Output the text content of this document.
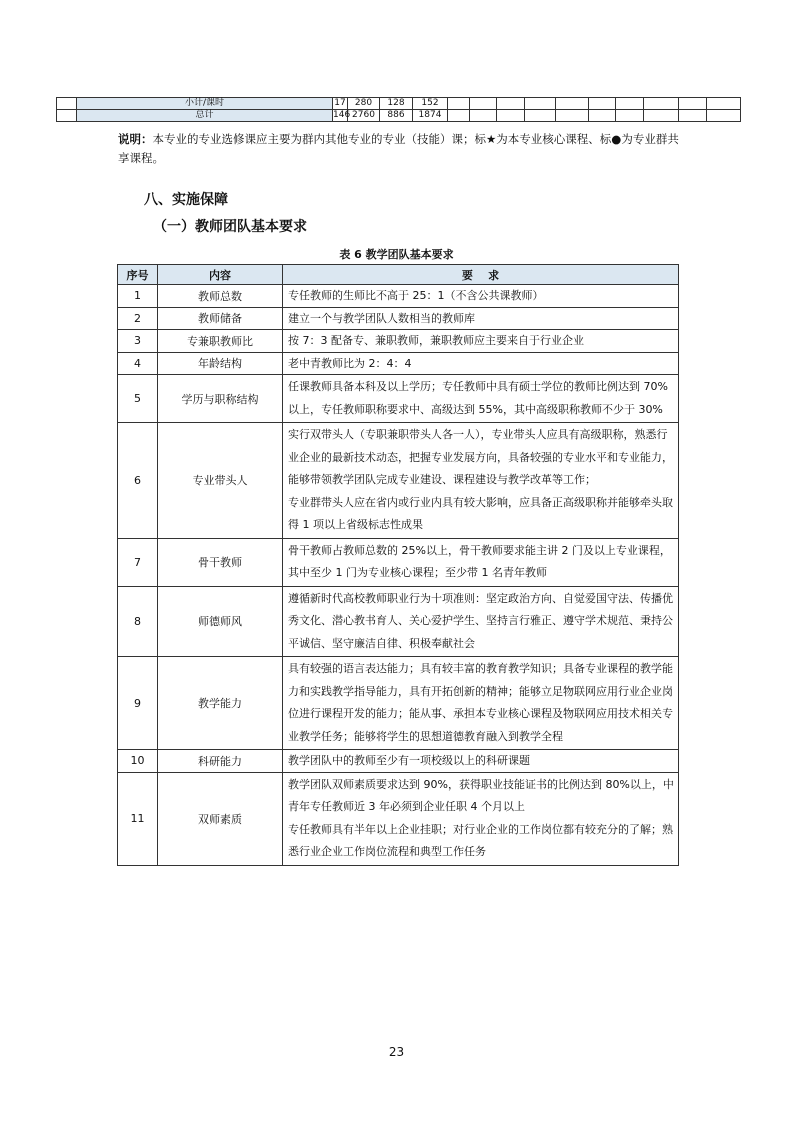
	小计/课时	17	280	128	152											
	总计	146	2760	886	1874											
说明：本专业的专业选修课应主要为群内其他专业的专业（技能）课；标★为本专业核心课程、标●为专业群共享课程。
八、实施保障
（一）教师团队基本要求
表 6 教学团队基本要求
序号	内容	要    求
1	教师总数	专任教师的生师比不高于 25：1（不含公共课教师）

2	教师储备	建立一个与教学团队人数相当的教师库

3	专兼职教师比	按 7：3 配备专、兼职教师，兼职教师应主要来自于行业企业

4	年龄结构	老中青教师比为 2：4：4

5	学历与职称结构	任课教师具备本科及以上学历；专任教师中具有硕士学位的教师比例达到 70%以上，专任教师职称要求中、高级达到 55%，其中高级职称教师不少于 30%

6	专业带头人	实行双带头人（专职兼职带头人各一人），专业带头人应具有高级职称，熟悉行业企业的最新技术动态，把握专业发展方向，具备较强的专业水平和专业能力，能够带领教学团队完成专业建设、课程建设与教学改革等工作；
专业群带头人应在省内或行业内具有较大影响，应具备正高级职称并能够牵头取得 1 项以上省级标志性成果

7	骨干教师	骨干教师占教师总数的 25%以上，骨干教师要求能主讲 2 门及以上专业课程，其中至少 1 门为专业核心课程；至少带 1 名青年教师

8	师德师风	遵循新时代高校教师职业行为十项准则：坚定政治方向、自觉爱国守法、传播优秀文化、潜心教书育人、关心爱护学生、坚持言行雅正、遵守学术规范、秉持公平诚信、坚守廉洁自律、积极奉献社会

9	教学能力	具有较强的语言表达能力；具有较丰富的教育教学知识；具备专业课程的教学能力和实践教学指导能力，具有开拓创新的精神；能够立足物联网应用行业企业岗位进行课程开发的能力；能从事、承担本专业核心课程及物联网应用技术相关专业教学任务；能够将学生的思想道德教育融入到教学全程

10	科研能力	教学团队中的教师至少有一项校级以上的科研课题

11	双师素质	教学团队双师素质要求达到 90%，获得职业技能证书的比例达到 80%以上，中青年专任教师近 3 年必须到企业任职 4 个月以上
专任教师具有半年以上企业挂职；对行业企业的工作岗位都有较充分的了解；熟悉行业企业工作岗位流程和典型工作任务
23
